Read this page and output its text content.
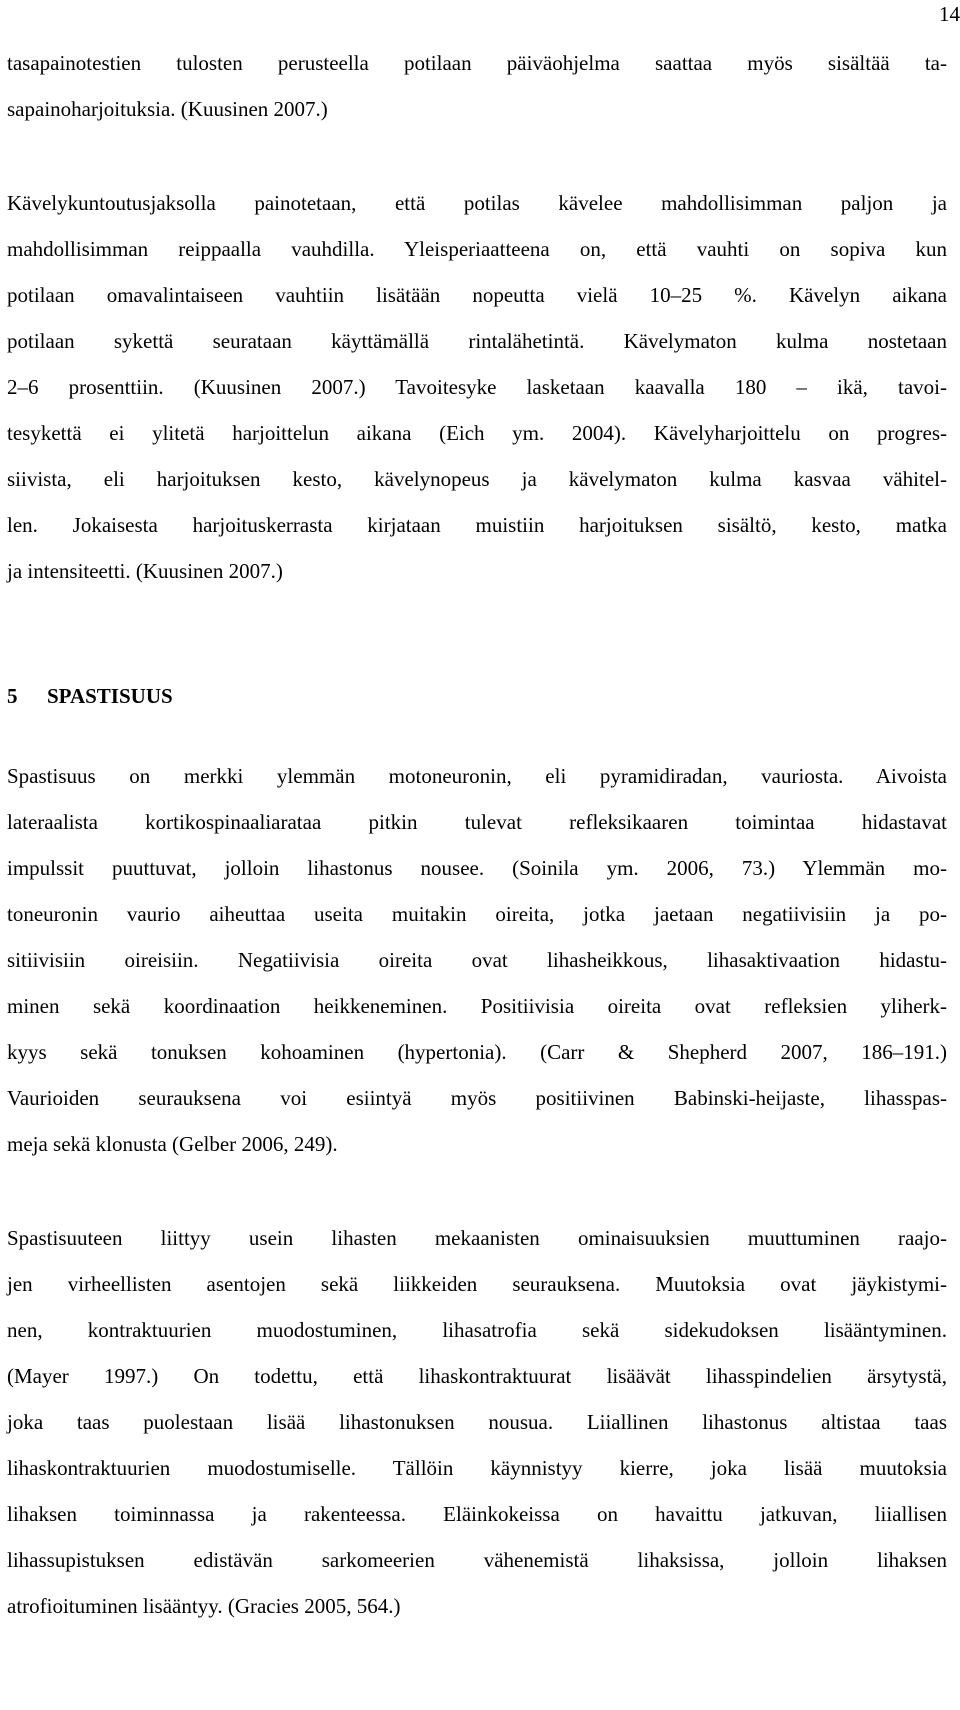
14

tasapainotestien tulosten perusteella potilaan päiväohjelma saattaa myös sisältää ta-
sapainoharjoituksia. (Kuusinen 2007.)

Kävelykuntoutusjaksolla painotetaan, että potilas kävelee mahdollisimman paljon ja
mahdollisimman reippaalla vauhdilla. Yleisperiaatteena on, että vauhti on sopiva kun
potilaan omavalintaiseen vauhtiin lisätään nopeutta vielä 10–25 %. Kävelyn aikana
potilaan sykettä seurataan käyttämällä rintalähetintä. Kävelymaton kulma nostetaan
2–6 prosenttiin. (Kuusinen 2007.) Tavoitesyke lasketaan kaavalla 180 – ikä, tavoi-
tesykettä ei ylitetä harjoittelun aikana (Eich ym. 2004). Kävelyharjoittelu on progres-
siivista, eli harjoituksen kesto, kävelynopeus ja kävelymaton kulma kasvaa vähitel-
len. Jokaisesta harjoituskerrasta kirjataan muistiin harjoituksen sisältö, kesto, matka
ja intensiteetti. (Kuusinen 2007.)

5	SPASTISUUS

Spastisuus on merkki ylemmän motoneuronin, eli pyramidiradan, vauriosta. Aivoista
lateraalista kortikospinaaliarataa pitkin tulevat refleksikaaren toimintaa hidastavat
impulssit puuttuvat, jolloin lihastonus nousee. (Soinila ym. 2006, 73.) Ylemmän mo-
toneuronin vaurio aiheuttaa useita muitakin oireita, jotka jaetaan negatiivisiin ja po-
sitiivisiin oireisiin. Negatiivisia oireita ovat lihasheikkous, lihasaktivaation hidastu-
minen sekä koordinaation heikkeneminen. Positiivisia oireita ovat refleksien yliherk-
kyys sekä tonuksen kohoaminen (hypertonia). (Carr & Shepherd 2007, 186–191.)
Vaurioiden seurauksena voi esiintyä myös positiivinen Babinski-heijaste, lihasspas-
meja sekä klonusta (Gelber 2006, 249).

Spastisuuteen liittyy usein lihasten mekaanisten ominaisuuksien muuttuminen raajo-
jen virheellisten asentojen sekä liikkeiden seurauksena. Muutoksia ovat jäykistymi-
nen, kontraktuurien muodostuminen, lihasatrofia sekä sidekudoksen lisääntyminen.
(Mayer 1997.) On todettu, että lihaskontraktuurat lisäävät lihasspindelien ärsytystä,
joka taas puolestaan lisää lihastonuksen nousua. Liiallinen lihastonus altistaa taas
lihaskontraktuurien muodostumiselle. Tällöin käynnistyy kierre, joka lisää muutoksia
lihaksen toiminnassa ja rakenteessa. Eläinkokeissa on havaittu jatkuvan, liiallisen
lihassupistuksen edistävän sarkomeerien vähenemistä lihaksissa, jolloin lihaksen
atrofioituminen lisääntyy. (Gracies 2005, 564.)
